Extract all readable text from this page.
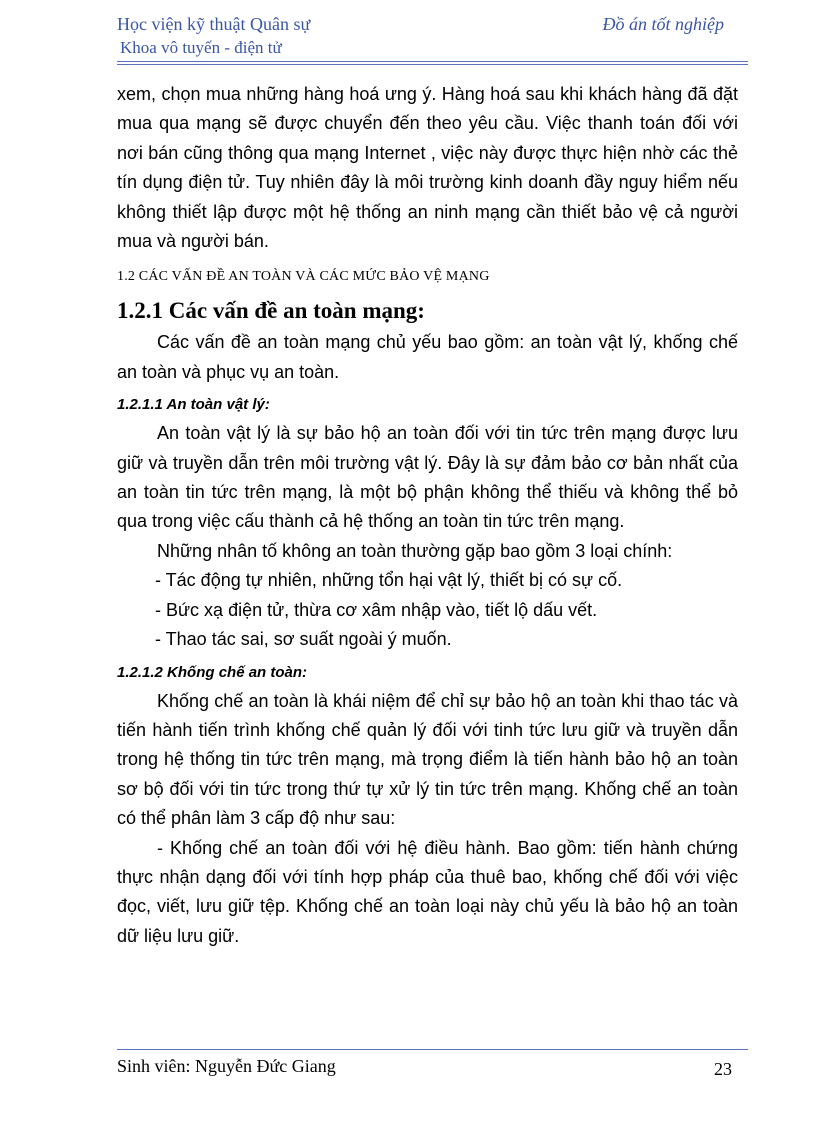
Học viện kỹ thuật Quân sự
Khoa vô tuyến - điện tử
Đồ án tốt nghiệp

xem, chọn mua những hàng hoá ưng ý. Hàng hoá sau khi khách hàng đã đặt mua qua mạng sẽ được chuyển đến theo yêu cầu. Việc thanh toán đối với nơi bán cũng thông qua mạng Internet , việc này được thực hiện nhờ các thẻ tín dụng điện tử. Tuy nhiên đây là môi trường kinh doanh đầy nguy hiểm nếu không thiết lập được một hệ thống an ninh mạng cần thiết bảo vệ cả người mua và người bán.

1.2 CÁC VẤN ĐỀ AN TOÀN VÀ CÁC MỨC BẢO VỆ MẠNG
1.2.1 Các vấn đề an toàn mạng:

Các vấn đề an toàn mạng chủ yếu bao gồm: an toàn vật lý, khống chế an toàn và phục vụ an toàn.

1.2.1.1 An toàn vật lý:

An toàn vật lý là sự bảo hộ an toàn đối với tin tức trên mạng được lưu giữ và truyền dẫn trên môi trường vật lý. Đây là sự đảm bảo cơ bản nhất của an toàn tin tức trên mạng, là một bộ phận không thể thiếu và không thể bỏ qua trong việc cấu thành cả hệ thống an toàn tin tức trên mạng.

Những nhân tố không an toàn thường gặp bao gồm 3 loại chính:

- Tác động tự nhiên, những tổn hại vật lý, thiết bị có sự cố.

- Bức xạ điện tử, thừa cơ xâm nhập vào, tiết lộ dấu vết.

- Thao tác sai, sơ suất ngoài ý muốn.

1.2.1.2 Khống chế an toàn:

Khống chế an toàn là khái niệm để chỉ sự bảo hộ an toàn khi thao tác và tiến hành tiến trình khống chế quản lý đối với tinh tức lưu giữ và truyền dẫn trong hệ thống tin tức trên mạng, mà trọng điểm là tiến hành bảo hộ an toàn sơ bộ đối với tin tức trong thứ tự xử lý tin tức trên mạng. Khống chế an toàn có thể phân làm 3 cấp độ như sau:

- Khống chế an toàn đối với hệ điều hành. Bao gồm: tiến hành chứng thực nhận dạng đối với tính hợp pháp của thuê bao, khống chế đối với việc đọc, viết, lưu giữ tệp. Khống chế an toàn loại này chủ yếu là bảo hộ an toàn dữ liệu lưu giữ.

Sinh viên: Nguyễn Đức Giang	23
